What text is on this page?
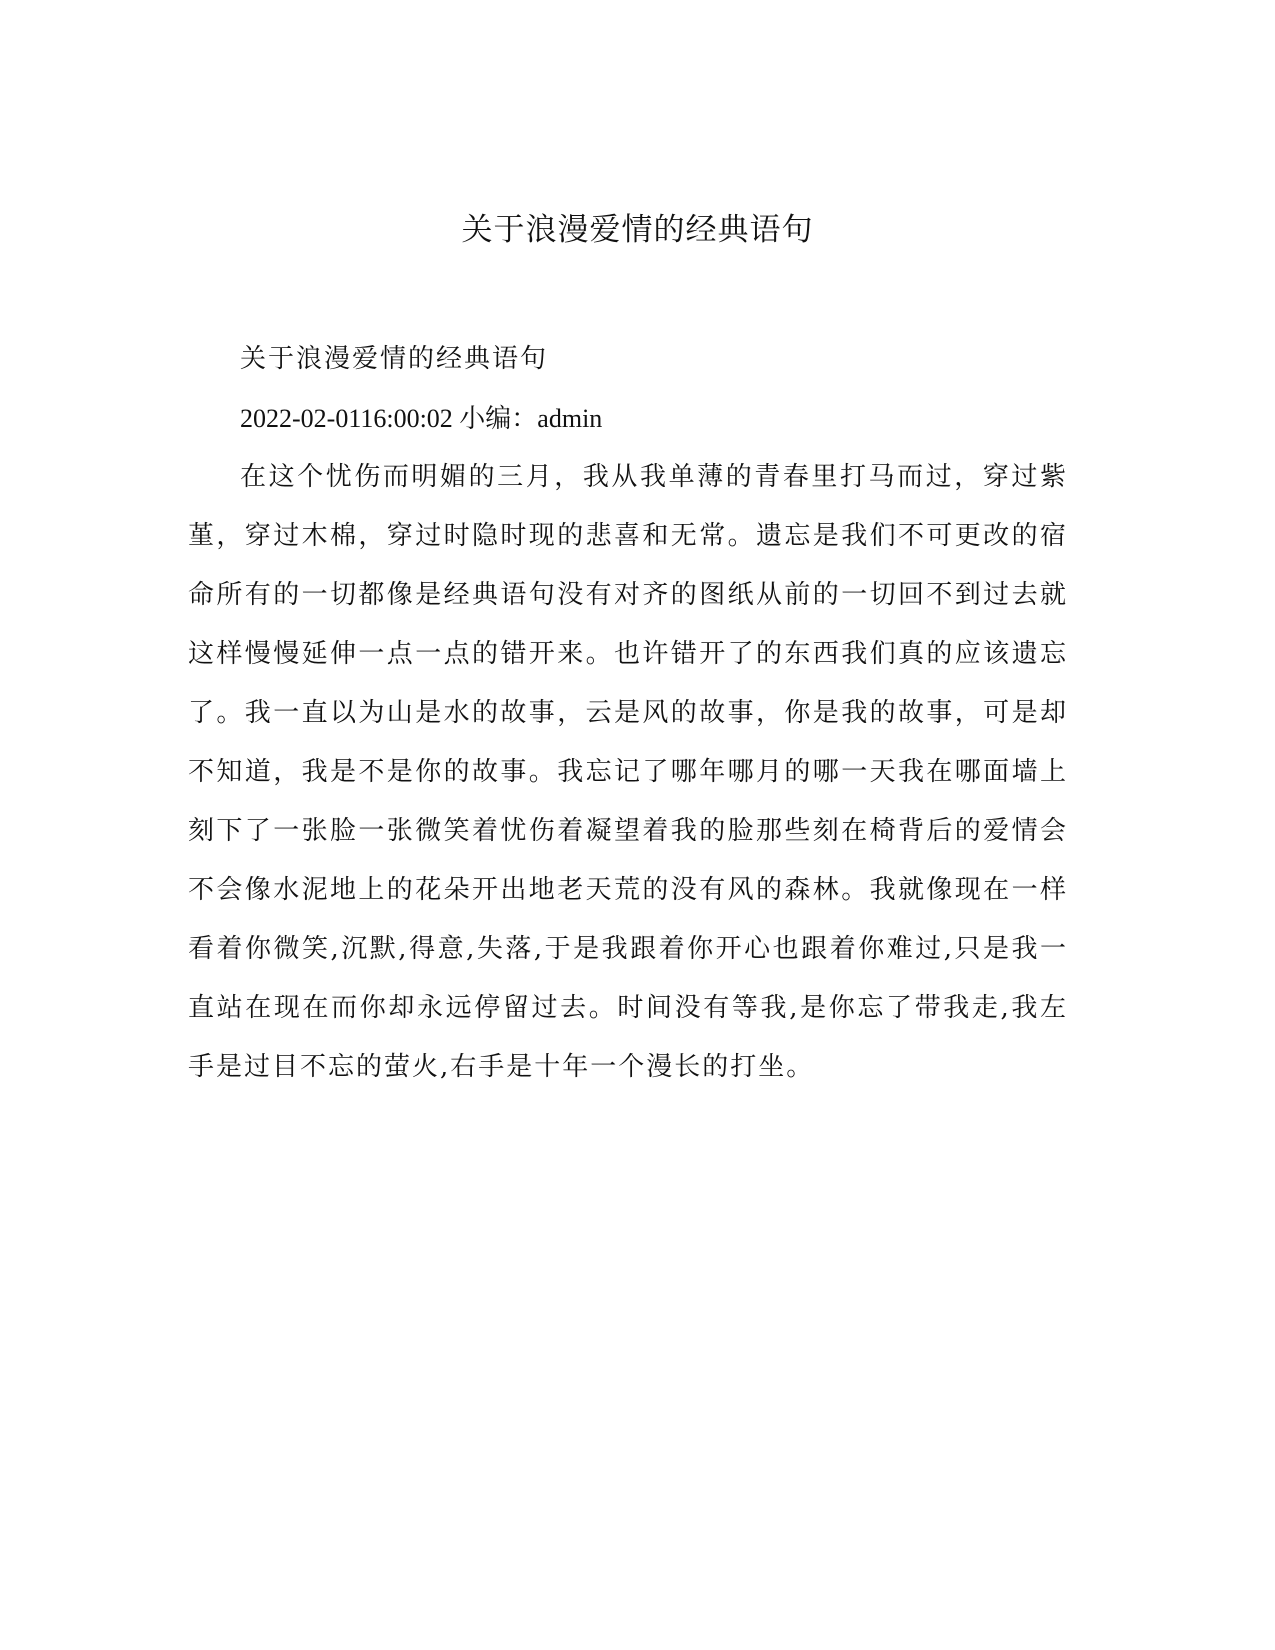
关于浪漫爱情的经典语句

关于浪漫爱情的经典语句

2022-02-0116:00:02 小编：admin

在这个忧伤而明媚的三月，我从我单薄的青春里打马而过，穿过紫堇，穿过木棉，穿过时隐时现的悲喜和无常。遗忘是我们不可更改的宿命所有的一切都像是经典语句没有对齐的图纸从前的一切回不到过去就这样慢慢延伸一点一点的错开来。也许错开了的东西我们真的应该遗忘了。我一直以为山是水的故事，云是风的故事，你是我的故事，可是却不知道，我是不是你的故事。我忘记了哪年哪月的哪一天我在哪面墙上刻下了一张脸一张微笑着忧伤着凝望着我的脸那些刻在椅背后的爱情会不会像水泥地上的花朵开出地老天荒的没有风的森林。我就像现在一样看着你微笑,沉默,得意,失落,于是我跟着你开心也跟着你难过,只是我一直站在现在而你却永远停留过去。时间没有等我,是你忘了带我走,我左手是过目不忘的萤火,右手是十年一个漫长的打坐。
